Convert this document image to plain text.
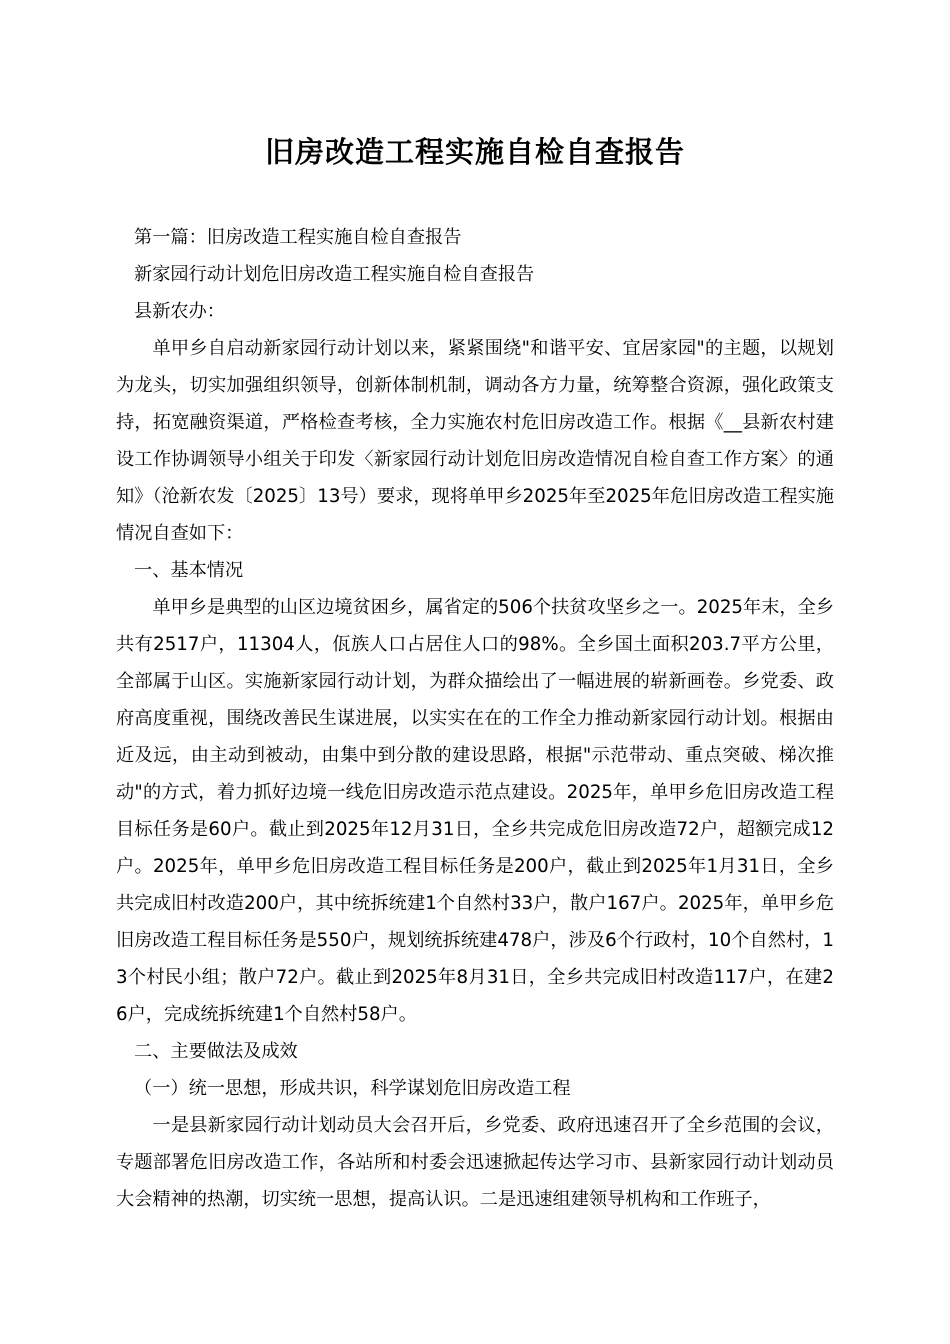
旧房改造工程实施自检自查报告

第一篇：旧房改造工程实施自检自查报告

新家园行动计划危旧房改造工程实施自检自查报告

县新农办：

单甲乡自启动新家园行动计划以来，紧紧围绕"和谐平安、宜居家园"的主题，以规划为龙头，切实加强组织领导，创新体制机制，调动各方力量，统筹整合资源，强化政策支持，拓宽融资渠道，严格检查考核，全力实施农村危旧房改造工作。根据《__县新农村建设工作协调领导小组关于印发〈新家园行动计划危旧房改造情况自检自查工作方案〉的通知》（沧新农发〔2025〕13号）要求，现将单甲乡2025年至2025年危旧房改造工程实施情况自查如下：

一、基本情况

单甲乡是典型的山区边境贫困乡，属省定的506个扶贫攻坚乡之一。2025年末，全乡共有2517户，11304人，佤族人口占居住人口的98%。全乡国土面积203.7平方公里，全部属于山区。实施新家园行动计划，为群众描绘出了一幅进展的崭新画卷。乡党委、政府高度重视，围绕改善民生谋进展，以实实在在的工作全力推动新家园行动计划。根据由近及远，由主动到被动，由集中到分散的建设思路，根据"示范带动、重点突破、梯次推动"的方式，着力抓好边境一线危旧房改造示范点建设。2025年，单甲乡危旧房改造工程目标任务是60户。截止到2025年12月31日，全乡共完成危旧房改造72户，超额完成12户。2025年，单甲乡危旧房改造工程目标任务是200户，截止到2025年1月31日，全乡共完成旧村改造200户，其中统拆统建1个自然村33户，散户167户。2025年，单甲乡危旧房改造工程目标任务是550户，规划统拆统建478户，涉及6个行政村，10个自然村，13个村民小组；散户72户。截止到2025年8月31日，全乡共完成旧村改造117户，在建26户，完成统拆统建1个自然村58户。

二、主要做法及成效

（一）统一思想，形成共识，科学谋划危旧房改造工程

一是县新家园行动计划动员大会召开后，乡党委、政府迅速召开了全乡范围的会议，专题部署危旧房改造工作，各站所和村委会迅速掀起传达学习市、县新家园行动计划动员大会精神的热潮，切实统一思想，提高认识。二是迅速组建领导机构和工作班子，
